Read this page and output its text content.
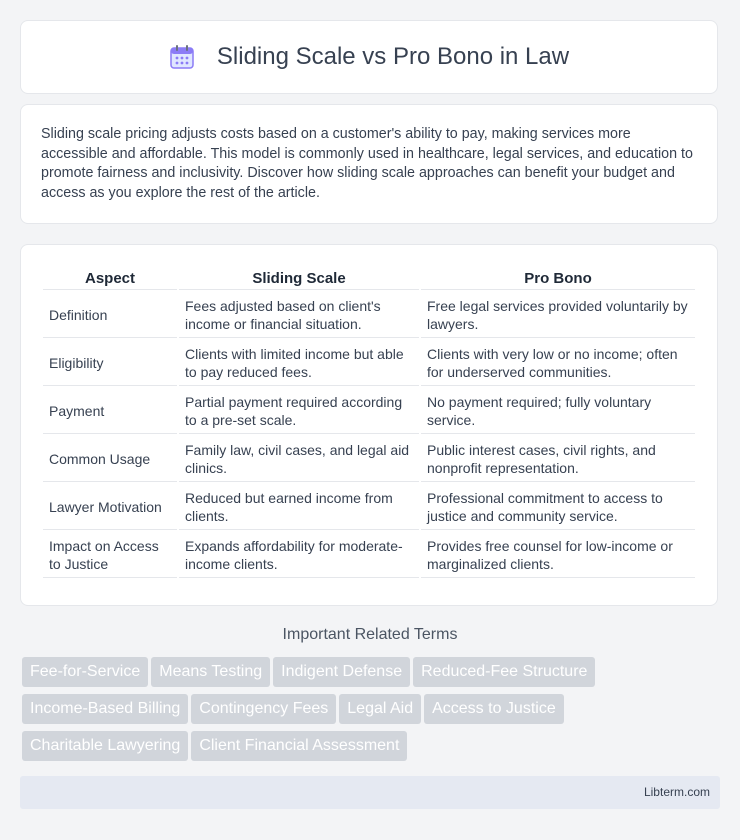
Sliding Scale vs Pro Bono in Law

Sliding scale pricing adjusts costs based on a customer's ability to pay, making services more accessible and affordable. This model is commonly used in healthcare, legal services, and education to promote fairness and inclusivity. Discover how sliding scale approaches can benefit your budget and access as you explore the rest of the article.

Aspect	Sliding Scale	Pro Bono
Definition	Fees adjusted based on client's income or financial situation.	Free legal services provided voluntarily by lawyers.
Eligibility	Clients with limited income but able to pay reduced fees.	Clients with very low or no income; often for underserved communities.
Payment	Partial payment required according to a pre-set scale.	No payment required; fully voluntary service.
Common Usage	Family law, civil cases, and legal aid clinics.	Public interest cases, civil rights, and nonprofit representation.
Lawyer Motivation	Reduced but earned income from clients.	Professional commitment to access to justice and community service.
Impact on Access to Justice	Expands affordability for moderate-income clients.	Provides free counsel for low-income or marginalized clients.
Important Related Terms
Fee-for-Service Means Testing Indigent Defense Reduced-Fee Structure
Income-Based Billing Contingency Fees Legal Aid Access to Justice
Charitable Lawyering Client Financial Assessment
Libterm.com
